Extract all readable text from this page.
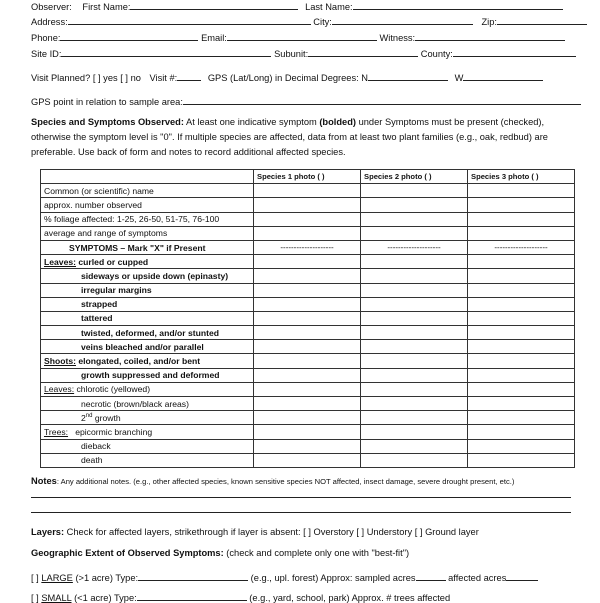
Observer: First Name:	Last Name:
Address:	City:	Zip:
Phone:	Email:	Witness:
Site ID:	Subunit:	County:
Visit Planned? [ ] yes [ ] no Visit #:	GPS (Lat/Long) in Decimal Degrees: N	W
GPS point in relation to sample area:
Species and Symptoms Observed: At least one indicative symptom (bolded) under Symptoms must be present (checked), otherwise the symptom level is "0". If multiple species are affected, data from at least two plant families (e.g., oak, redbud) are preferable. Use back of form and notes to record additional affected species.
	Species 1 photo ( )	Species 2 photo ( )	Species 3 photo ( )
Common (or scientific) name			
approx. number observed			
% foliage affected: 1-25, 26-50, 51-75, 76-100			
average and range of symptoms			
SYMPTOMS – Mark "X" if Present	--------------------	--------------------	--------------------
Leaves: curled or cupped			
sideways or upside down (epinasty)			
irregular margins			
strapped			
tattered			
twisted, deformed, and/or stunted			
veins bleached and/or parallel			
Shoots: elongated, coiled, and/or bent			
growth suppressed and deformed			
Leaves: chlorotic (yellowed)			
necrotic (brown/black areas)			
2nd growth			
Trees: epicormic branching			
dieback			
death			
Notes: Any additional notes. (e.g., other affected species, known sensitive species NOT affected, insect damage, severe drought present, etc.)
Layers: Check for affected layers, strikethrough if layer is absent: [ ] Overstory [ ] Understory [ ] Ground layer
Geographic Extent of Observed Symptoms: (check and complete only one with "best-fit")
[ ] LARGE (>1 acre) Type:	(e.g., upl. forest) Approx: sampled acres	affected acres
[ ] SMALL (<1 acre) Type:	(e.g., yard, school, park) Approx. # trees affected
